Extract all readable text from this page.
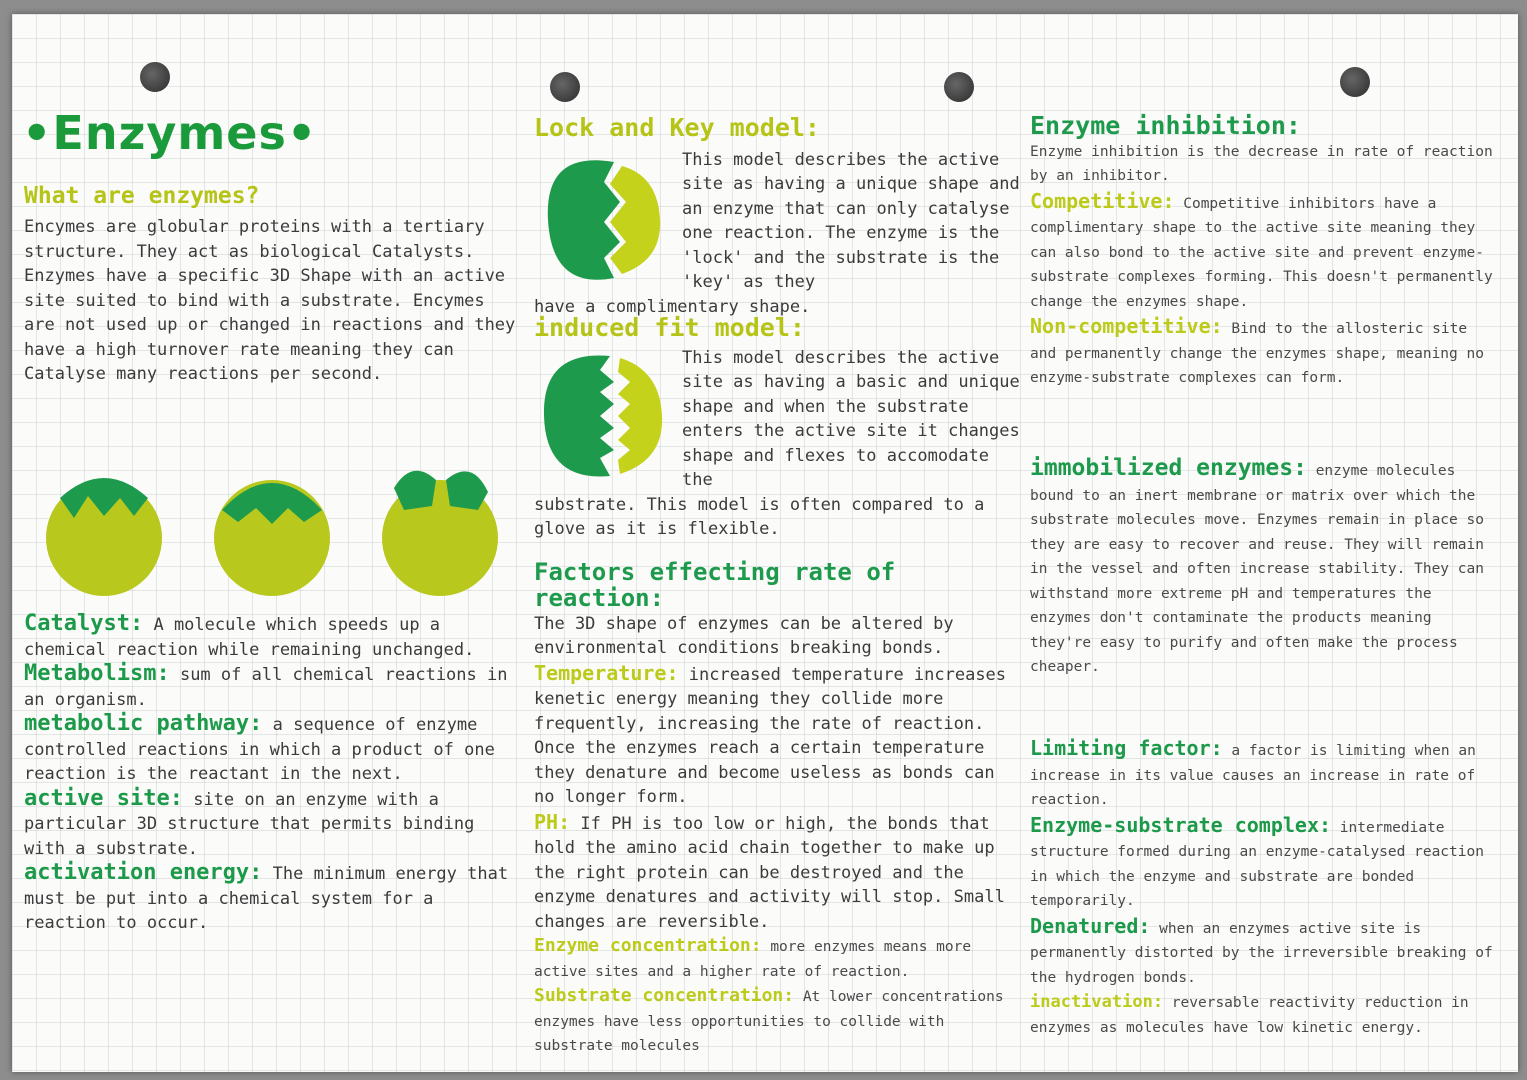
•Enzymes•
What are enzymes?

Encymes are globular proteins with a tertiary structure. They act as biological Catalysts. Enzymes have a specific 3D Shape with an active site suited to bind with a substrate. Encymes are not used up or changed in reactions and they have a high turnover rate meaning they can Catalyse many reactions per second.

Catalyst: A molecule which speeds up a chemical reaction while remaining unchanged.

Metabolism: sum of all chemical reactions in an organism.

metabolic pathway: a sequence of enzyme controlled reactions in which a product of one reaction is the reactant in the next.

active site: site on an enzyme with a particular 3D structure that permits binding with a substrate.

activation energy: The minimum energy that must be put into a chemical system for a reaction to occur.

Lock and Key model:

This model describes the active site as having a unique shape and an enzyme that can only catalyse one reaction. The enzyme is the 'lock' and the substrate is the 'key' as they

have a complimentary shape.

induced fit model:

This model describes the active site as having a basic and unique shape and when the substrate enters the active site it changes shape and flexes to accomodate the

substrate. This model is often compared to a glove as it is flexible.

Factors effecting rate of reaction:

The 3D shape of enzymes can be altered by environmental conditions breaking bonds.

Temperature: increased temperature increases kenetic energy meaning they collide more frequently, increasing the rate of reaction. Once the enzymes reach a certain temperature they denature and become useless as bonds can no longer form.

PH: If PH is too low or high, the bonds that hold the amino acid chain together to make up the right protein can be destroyed and the enzyme denatures and activity will stop. Small changes are reversible.

Enzyme concentration: more enzymes means more active sites and a higher rate of reaction.

Substrate concentration: At lower concentrations enzymes have less opportunities to collide with substrate molecules

Enzyme inhibition:

Enzyme inhibition is the decrease in rate of reaction by an inhibitor.

Competitive: Competitive inhibitors have a complimentary shape to the active site meaning they can also bond to the active site and prevent enzyme-substrate complexes forming. This doesn't permanently change the enzymes shape.

Non-competitive: Bind to the allosteric site and permanently change the enzymes shape, meaning no enzyme-substrate complexes can form.

immobilized enzymes: enzyme molecules bound to an inert membrane or matrix over which the substrate molecules move. Enzymes remain in place so they are easy to recover and reuse. They will remain in the vessel and often increase stability. They can withstand more extreme pH and temperatures the enzymes don't contaminate the products meaning they're easy to purify and often make the process cheaper.

Limiting factor: a factor is limiting when an increase in its value causes an increase in rate of reaction.

Enzyme-substrate complex: intermediate structure formed during an enzyme-catalysed reaction in which the enzyme and substrate are bonded temporarily.

Denatured: when an enzymes active site is permanently distorted by the irreversible breaking of the hydrogen bonds.

inactivation: reversable reactivity reduction in enzymes as molecules have low kinetic energy.
